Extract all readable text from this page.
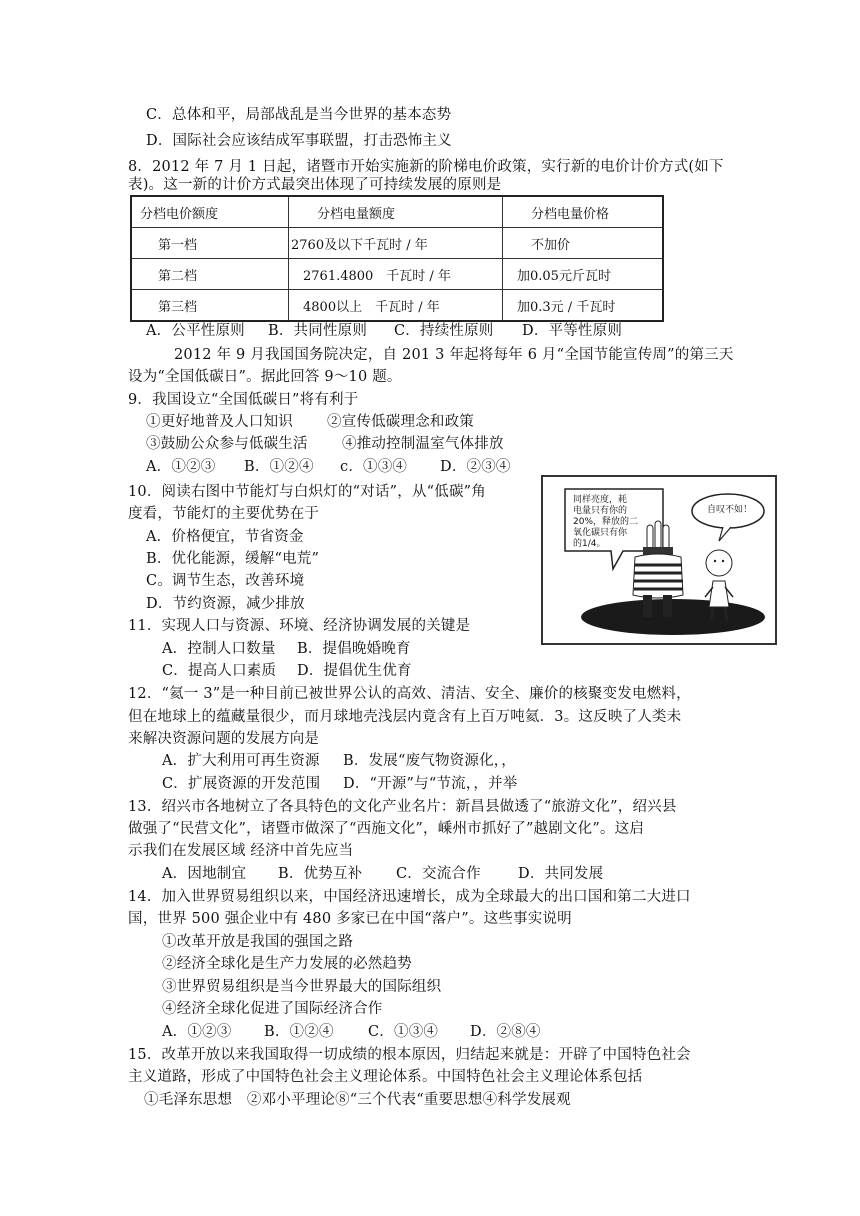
C．总体和平，局部战乱是当今世界的基本态势
D．国际社会应该结成军事联盟，打击恐怖主义
8．2012 年 7 月 1 日起，诸暨市开始实施新的阶梯电价政策，实行新的电价计价方式(如下
表)。这一新的计价方式最突出体现了可持续发展的原则是
分档电价额度	分档电量额度	分档电量价格
第一档	2760及以下千瓦时 / 年	不加价
第二档	2761.4800　千瓦时 / 年	加0.05元斤瓦时
第三档	4800以上　千瓦时 / 年	加0.3元 / 千瓦时
A．公平性原则 B．共同性原则 C．持续性原则 D．平等性原则
2012 年 9 月我国国务院决定，自 201 3 年起将每年 6 月“全国节能宣传周”的第三天
设为“全国低碳日”。据此回答 9～10 题。
9．我国设立“全国低碳日”将有利于
①更好地普及人口知识 ②宣传低碳理念和政策
③鼓励公众参与低碳生活 ④推动控制温室气体排放
A．①②③ B．①②④ c．①③④ D．②③④
10．阅读右图中节能灯与白炽灯的“对话”，从“低碳”角
度看，节能灯的主要优势在于
A．价格便宜，节省资金
B．优化能源，缓解“电荒”
C。调节生态，改善环境
D．节约资源，减少排放
同样亮度，耗
电量只有你的
20%，释放的二
氧化碳只有你
的1/4。
自叹不如！
11．实现人口与资源、环境、经济协调发展的关键是
A．控制人口数量 B．提倡晚婚晚育
C．提高人口素质 D．提倡优生优育
12．“氦一 3”是一种目前已被世界公认的高效、清洁、安全、廉价的核聚变发电燃料，
但在地球上的蕴藏量很少，而月球地壳浅层内竟含有上百万吨氦．3。这反映了人类未
来解决资源问题的发展方向是
A．扩大利用可再生资源 B．发展“废气物资源化，，
C．扩展资源的开发范围 D．“开源”与“节流，，并举
13．绍兴市各地树立了各具特色的文化产业名片：新昌县做透了“旅游文化”，绍兴县
做强了“民营文化”，诸暨市做深了“西施文化”，嵊州市抓好了”越剧文化”。这启
示我们在发展区域 经济中首先应当
A．因地制宜 B．优势互补 C．交流合作	D．共同发展
14．加入世界贸易组织以来，中国经济迅速增长，成为全球最大的出口国和第二大进口
国，世界 500 强企业中有 480 多家已在中国“落户”。这些事实说明
①改革开放是我国的强国之路
②经济全球化是生产力发展的必然趋势
③世界贸易组织是当今世界最大的国际组织
④经济全球化促进了国际经济合作
A．①②③ B．①②④ C．①③④ D．②⑧④
15．改革开放以来我国取得一切成绩的根本原因，归结起来就是：开辟了中国特色社会
主义道路，形成了中国特色社会主义理论体系。中国特色社会主义理论体系包括
①毛泽东思想　②邓小平理论⑧“三个代表“重要思想④科学发展观
